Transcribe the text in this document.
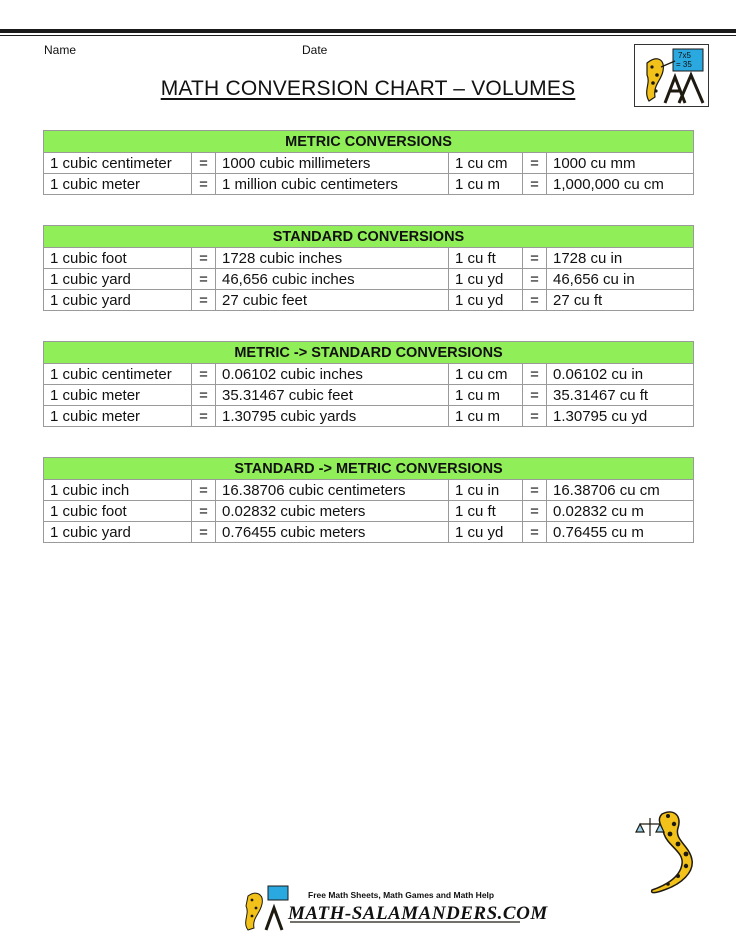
Name	Date
MATH CONVERSION CHART – VOLUMES
7x5
= 35
METRIC CONVERSIONS					
1 cubic centimeter	=	1000 cubic millimeters	1 cu cm	=	1000 cu mm
1 cubic meter	=	1 million cubic centimeters	1 cu m	=	1,000,000 cu cm
STANDARD CONVERSIONS					
1 cubic foot	=	1728 cubic inches	1 cu ft	=	1728 cu in
1 cubic yard	=	46,656 cubic inches	1 cu yd	=	46,656 cu in
1 cubic yard	=	27 cubic feet	1 cu yd	=	27 cu ft
METRIC -> STANDARD CONVERSIONS					
1 cubic centimeter	=	0.06102 cubic inches	1 cu cm	=	0.06102 cu in
1 cubic meter	=	35.31467 cubic feet	1 cu m	=	35.31467 cu ft
1 cubic meter	=	1.30795 cubic yards	1 cu m	=	1.30795 cu yd
STANDARD -> METRIC CONVERSIONS					
1 cubic inch	=	16.38706 cubic centimeters	1 cu in	=	16.38706 cu cm
1 cubic foot	=	0.02832 cubic meters	1 cu ft	=	0.02832 cu m
1 cubic yard	=	0.76455 cubic meters	1 cu yd	=	0.76455 cu m
Free Math Sheets, Math Games and Math Help
MATH-SALAMANDERS.COM
